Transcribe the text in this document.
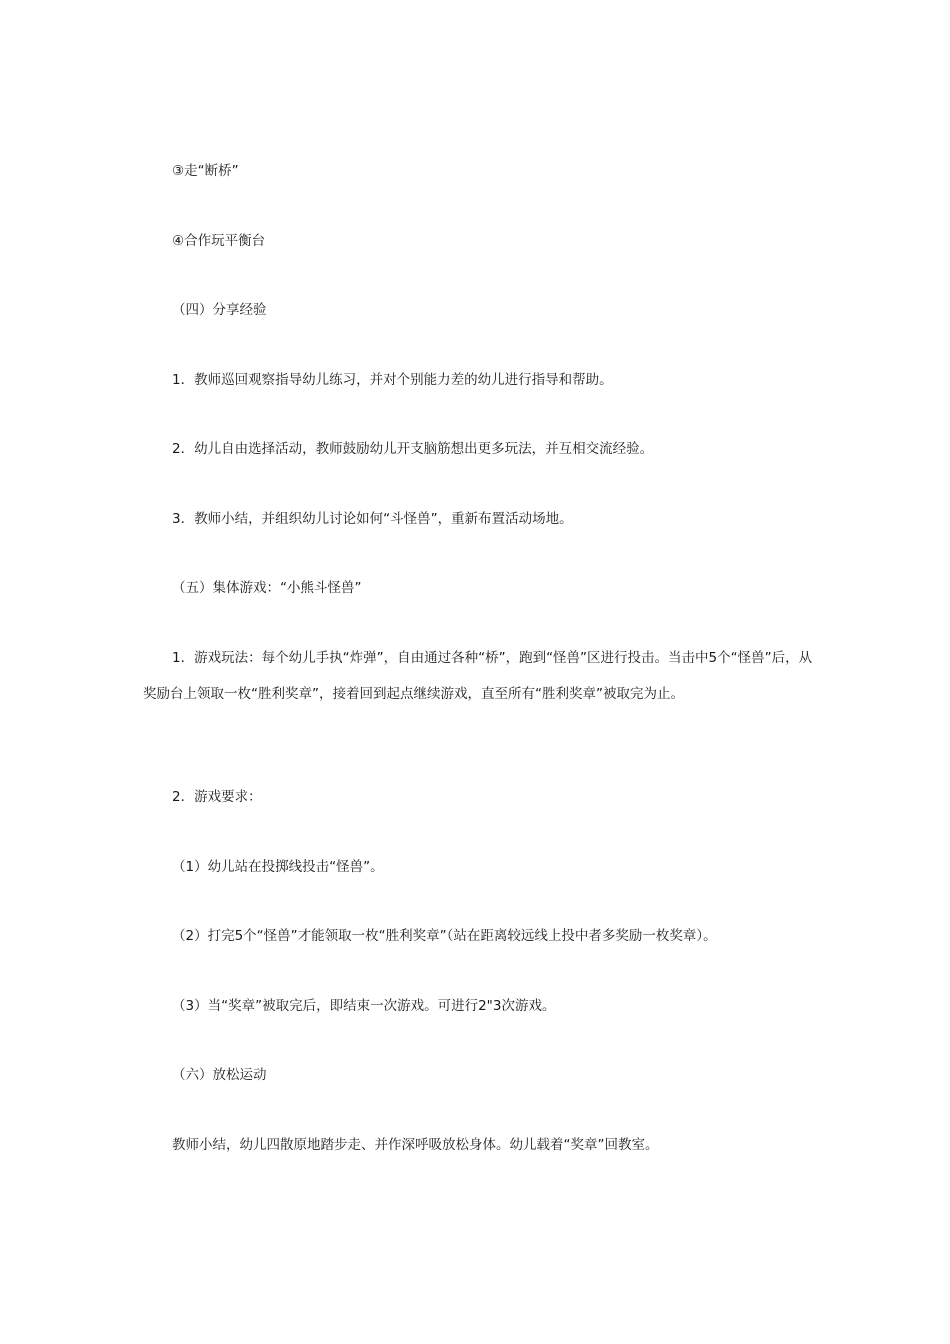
③走“断桥”

④合作玩平衡台

（四）分享经验

1．教师巡回观察指导幼儿练习，并对个别能力差的幼儿进行指导和帮助。

2．幼儿自由选择活动，教师鼓励幼儿开支脑筋想出更多玩法，并互相交流经验。

3．教师小结，并组织幼儿讨论如何“斗怪兽”，重新布置活动场地。

（五）集体游戏：“小熊斗怪兽”

1．游戏玩法：每个幼儿手执“炸弹”，自由通过各种“桥”，跑到“怪兽”区进行投击。当击中5个“怪兽”后，从奖励台上领取一枚“胜利奖章”，接着回到起点继续游戏，直至所有“胜利奖章”被取完为止。

2．游戏要求：

（1）幼儿站在投掷线投击“怪兽”。

（2）打完5个“怪兽”才能领取一枚“胜利奖章”（站在距离较远线上投中者多奖励一枚奖章）。

（3）当“奖章”被取完后，即结束一次游戏。可进行2"3次游戏。

（六）放松运动

教师小结，幼儿四散原地踏步走、并作深呼吸放松身体。幼儿载着“奖章”回教室。
